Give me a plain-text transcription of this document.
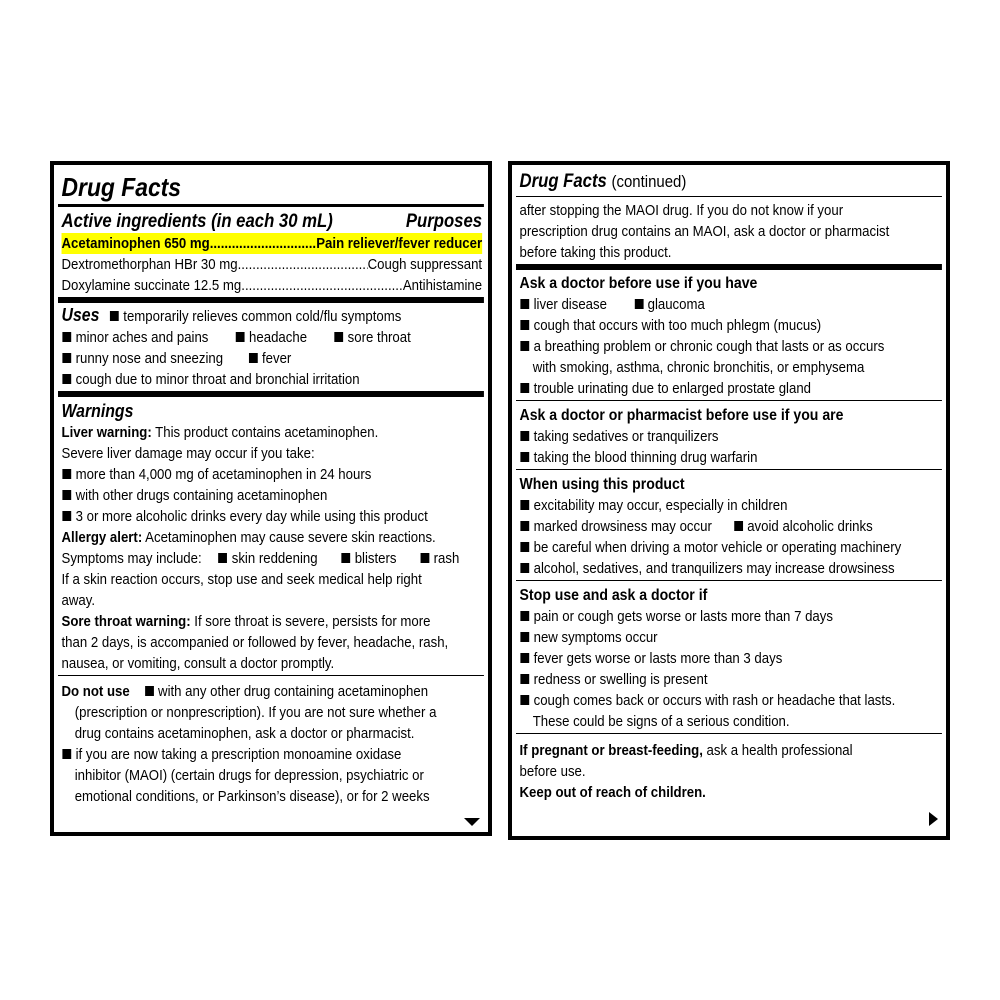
Drug Facts
Active ingredients (in each 30 mL)	Purposes
Acetaminophen 650 mg .....	Pain reliever/fever reducer
Dextromethorphan HBr 30 mg .....	Cough suppressant
Doxylamine succinate 12.5 mg .....	Antihistamine
Uses temporarily relieves common cold/flu symptoms
minor aches and pains	headache	sore throat
runny nose and sneezing	fever
cough due to minor throat and bronchial irritation
Warnings
Liver warning: This product contains acetaminophen.
Severe liver damage may occur if you take:
more than 4,000 mg of acetaminophen in 24 hours
with other drugs containing acetaminophen
3 or more alcoholic drinks every day while using this product
Allergy alert: Acetaminophen may cause severe skin reactions.
Symptoms may include: skin reddening blisters rash
If a skin reaction occurs, stop use and seek medical help right
away.
Sore throat warning: If sore throat is severe, persists for more
than 2 days, is accompanied or followed by fever, headache, rash,
nausea, or vomiting, consult a doctor promptly.
Do not use with any other drug containing acetaminophen
(prescription or nonprescription). If you are not sure whether a
drug contains acetaminophen, ask a doctor or pharmacist.
if you are now taking a prescription monoamine oxidase
inhibitor (MAOI) (certain drugs for depression, psychiatric or
emotional conditions, or Parkinson’s disease), or for 2 weeks
Drug Facts (continued)
after stopping the MAOI drug. If you do not know if your
prescription drug contains an MAOI, ask a doctor or pharmacist
before taking this product.
Ask a doctor before use if you have
liver disease	glaucoma
cough that occurs with too much phlegm (mucus)
a breathing problem or chronic cough that lasts or as occurs
with smoking, asthma, chronic bronchitis, or emphysema
trouble urinating due to enlarged prostate gland
Ask a doctor or pharmacist before use if you are
taking sedatives or tranquilizers
taking the blood thinning drug warfarin
When using this product
excitability may occur, especially in children
marked drowsiness may occur avoid alcoholic drinks
be careful when driving a motor vehicle or operating machinery
alcohol, sedatives, and tranquilizers may increase drowsiness
Stop use and ask a doctor if
pain or cough gets worse or lasts more than 7 days
new symptoms occur
fever gets worse or lasts more than 3 days
redness or swelling is present
cough comes back or occurs with rash or headache that lasts.
These could be signs of a serious condition.
If pregnant or breast-feeding, ask a health professional
before use.
Keep out of reach of children.
